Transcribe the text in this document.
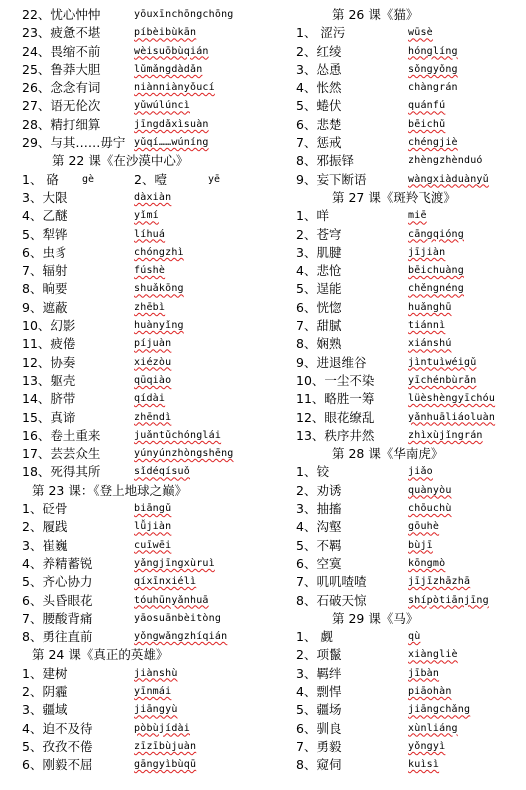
22、忧心忡忡	yōuxīnchōngchōng
23、疲惫不堪	píbèibùkān
24、畏缩不前	wèisuōbùqián
25、鲁莽大胆	lǔmǎngdàdǎn
26、念念有词	niànniànyǒucí
27、语无伦次	yǔwúlúncì
28、精打细算	jīngdǎxìsuàn
29、与其……毋宁 yǔqí……wúníng
第 22 课《在沙漠中心》
1、 硌 gè	2、噎	yē
3、大限	dàxiàn
4、乙醚	yǐmí
5、犁铧	líhuá
6、虫豸	chóngzhì
7、辐射	fúshè
8、晌要	shuǎkōng
9、遮蔽	zhēbì
10、幻影	huànyǐng
11、疲倦	píjuàn
12、协奏	xiézòu
13、躯壳	qūqiào
14、脐带	qídài
15、真谛	zhēndì
16、卷土重来	juǎntǔchónglái
17、芸芸众生	yúnyúnzhòngshēng
18、死得其所	sǐdéqísuǒ
第 23 课：《登上地球之巅》
1、砭骨	biāngǔ
2、履践	lǚjiàn
3、崔巍	cuīwēi
4、养精蓄锐	yǎngjīngxùruì
5、齐心协力	qíxīnxiélì
6、头昏眼花	tóuhūnyǎnhuā
7、腰酸背痛	yāosuānbèitòng
8、勇往直前	yǒngwǎngzhíqián
第 24 课《真正的英雄》
1、建树	jiànshù
2、阴霾	yīnmái
3、疆域	jiāngyù
4、迫不及待	pòbùjídài
5、孜孜不倦	zīzībùjuàn
6、刚毅不屈	gāngyìbùqū
第 26 课《猫》
1、 涩污	wūsè
2、红绫	hónglíng
3、怂恿	sǒngyǒng
4、怅然	chàngrán
5、蜷伏	quánfú
6、悲楚	bēichǔ
7、惩戒	chéngjiè
8、邪振铎	zhèngzhènduó
9、妄下断语	wàngxiàduànyǔ
第 27 课《斑羚飞渡》
1、咩	miē
2、苍穹	cāngqióng
3、肌腱	jījiàn
4、悲怆	bēichuàng
5、逞能	chěngnéng
6、恍惚	huǎnghū
7、甜腻	tiánnì
8、娴熟	xiánshú
9、进退维谷	jìntuìwéigǔ
10、一尘不染	yīchénbùrǎn
11、略胜一筹	lüèshèngyīchóu
12、眼花缭乱	yǎnhuāliáoluàn
13、秩序井然	zhìxùjǐngrán
第 28 课《华南虎》
1、铰	jiǎo
2、劝诱	quànyòu
3、抽搐	chōuchù
4、沟壑	gōuhè
5、不羁	bùjī
6、空寞	kōngmò
7、叽叽喳喳	jījīzhāzhā
8、石破天惊	shípòtiānjīng
第 29 课《马》
1、 觑	qù
2、项鬣	xiàngliè
3、羁绊	jībàn
4、剽悍	piāohàn
5、疆场	jiāngchǎng
6、驯良	xùnliáng
7、勇毅	yǒngyì
8、窥伺	kuìsì
